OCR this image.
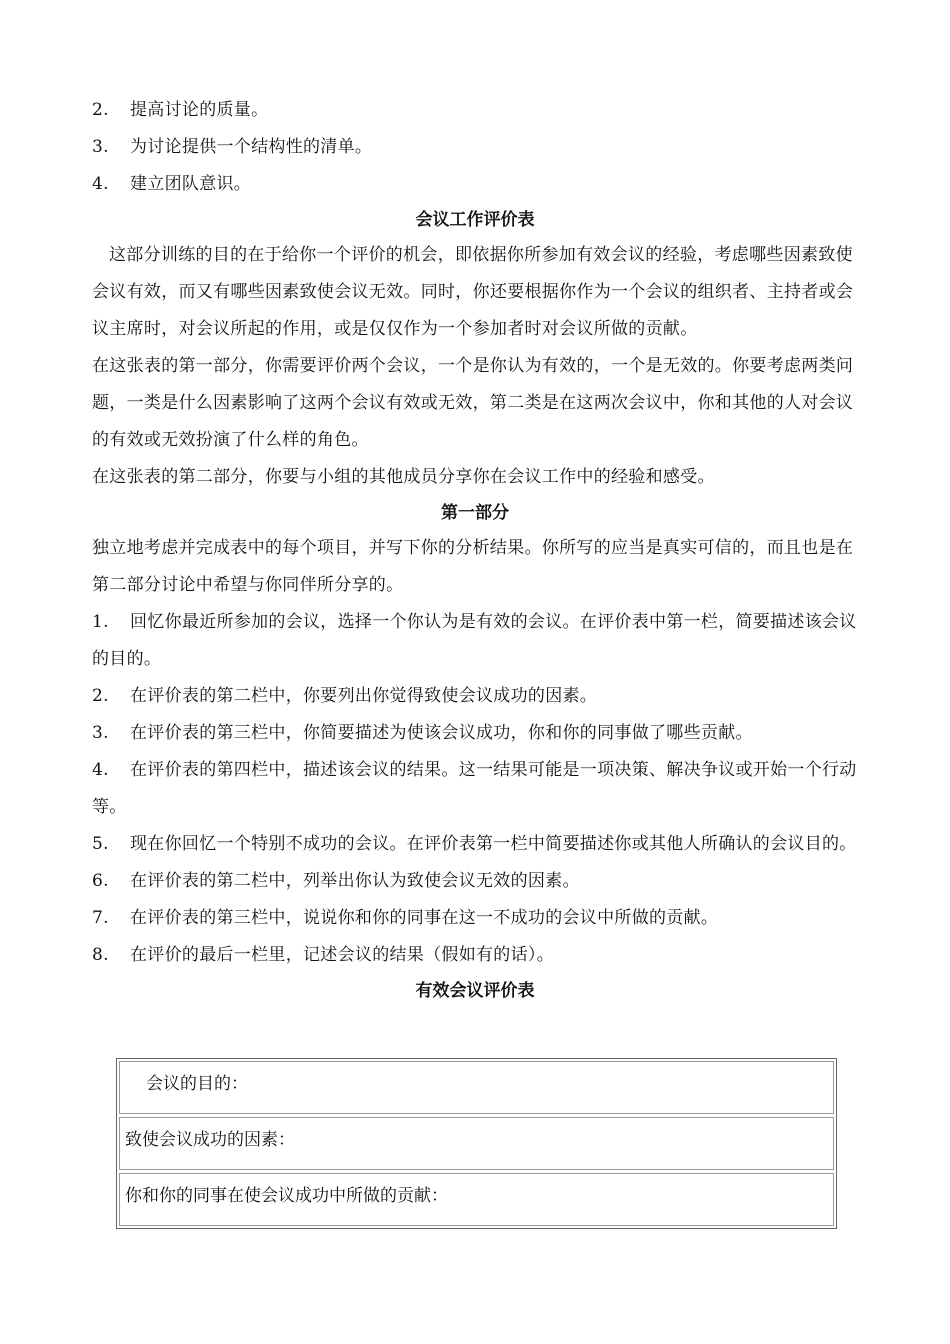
2. 提高讨论的质量。

3. 为讨论提供一个结构性的清单。

4. 建立团队意识。

会议工作评价表

这部分训练的目的在于给你一个评价的机会，即依据你所参加有效会议的经验，考虑哪些因素致使会议有效，而又有哪些因素致使会议无效。同时，你还要根据你作为一个会议的组织者、主持者或会议主席时，对会议所起的作用，或是仅仅作为一个参加者时对会议所做的贡献。

在这张表的第一部分，你需要评价两个会议，一个是你认为有效的，一个是无效的。你要考虑两类问题，一类是什么因素影响了这两个会议有效或无效，第二类是在这两次会议中，你和其他的人对会议的有效或无效扮演了什么样的角色。

在这张表的第二部分，你要与小组的其他成员分享你在会议工作中的经验和感受。

第一部分

独立地考虑并完成表中的每个项目，并写下你的分析结果。你所写的应当是真实可信的，而且也是在第二部分讨论中希望与你同伴所分享的。

1. 回忆你最近所参加的会议，选择一个你认为是有效的会议。在评价表中第一栏，简要描述该会议的目的。

2. 在评价表的第二栏中，你要列出你觉得致使会议成功的因素。

3. 在评价表的第三栏中，你简要描述为使该会议成功，你和你的同事做了哪些贡献。

4. 在评价表的第四栏中，描述该会议的结果。这一结果可能是一项决策、解决争议或开始一个行动等。

5. 现在你回忆一个特别不成功的会议。在评价表第一栏中简要描述你或其他人所确认的会议目的。

6. 在评价表的第二栏中，列举出你认为致使会议无效的因素。

7. 在评价表的第三栏中，说说你和你的同事在这一不成功的会议中所做的贡献。

8. 在评价的最后一栏里，记述会议的结果（假如有的话）。

有效会议评价表

会议的目的：
致使会议成功的因素：
你和你的同事在使会议成功中所做的贡献：
